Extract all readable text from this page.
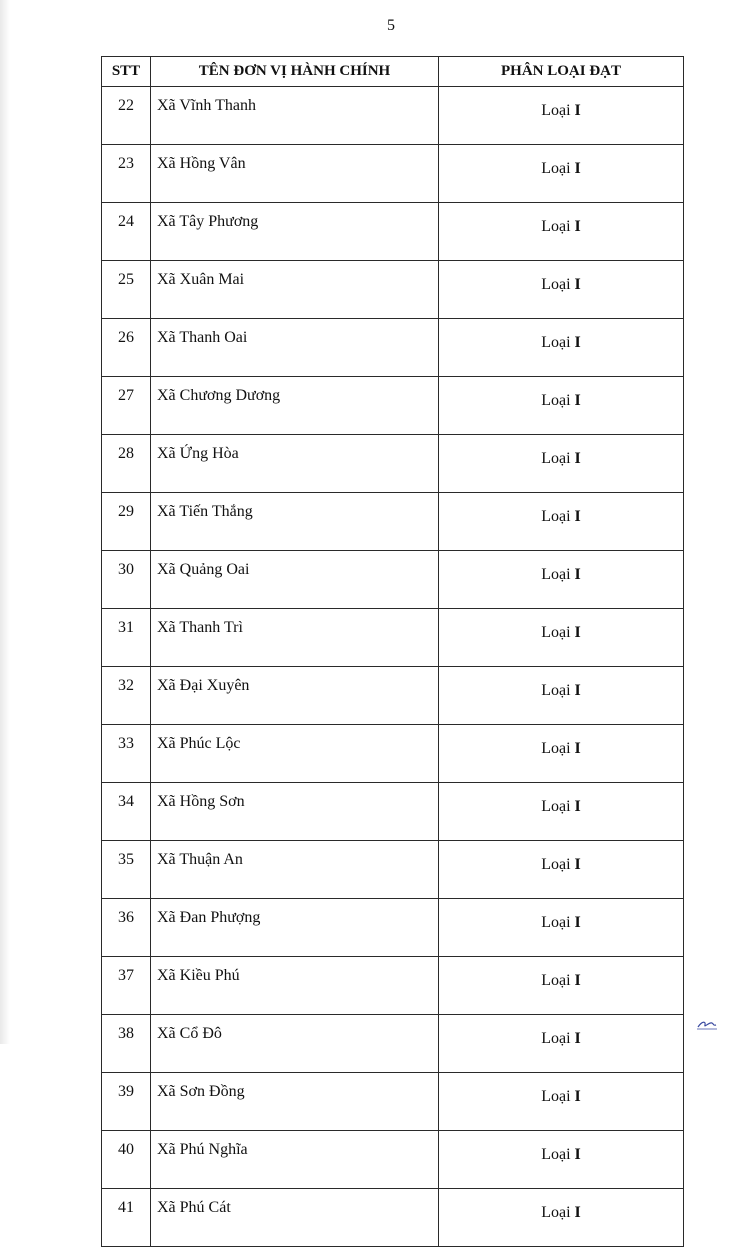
5
STT	TÊN ĐƠN VỊ HÀNH CHÍNH	PHÂN LOẠI ĐẠT
22	Xã Vĩnh Thanh	Loại I
23	Xã Hồng Vân	Loại I
24	Xã Tây Phương	Loại I
25	Xã Xuân Mai	Loại I
26	Xã Thanh Oai	Loại I
27	Xã Chương Dương	Loại I
28	Xã Ứng Hòa	Loại I
29	Xã Tiến Thắng	Loại I
30	Xã Quảng Oai	Loại I
31	Xã Thanh Trì	Loại I
32	Xã Đại Xuyên	Loại I
33	Xã Phúc Lộc	Loại I
34	Xã Hồng Sơn	Loại I
35	Xã Thuận An	Loại I
36	Xã Đan Phượng	Loại I
37	Xã Kiều Phú	Loại I
38	Xã Cổ Đô	Loại I
39	Xã Sơn Đồng	Loại I
40	Xã Phú Nghĩa	Loại I
41	Xã Phú Cát	Loại I
